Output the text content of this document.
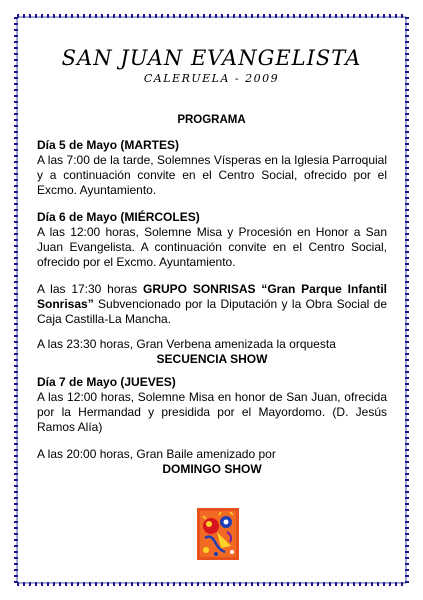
SAN JUAN EVANGELISTA
CALERUELA - 2009
PROGRAMA
Día 5 de Mayo (MARTES)
A las 7:00 de la tarde, Solemnes Vísperas en la Iglesia Parroquial y a continuación convite en el Centro Social, ofrecido por el Excmo. Ayuntamiento.
Día 6 de Mayo (MIÉRCOLES)
A las 12:00 horas, Solemne Misa y Procesión en Honor a San Juan Evangelista. A continuación convite en el Centro Social, ofrecido por el Excmo. Ayuntamiento.
A las 17:30 horas GRUPO SONRISAS “Gran Parque Infantil Sonrisas” Subvencionado por la Diputación y la Obra Social de Caja Castilla-La Mancha.
A las 23:30 horas, Gran Verbena amenizada la orquesta
SECUENCIA SHOW
Día 7 de Mayo (JUEVES)
A las 12:00 horas, Solemne Misa en honor de San Juan, ofrecida por la Hermandad y presidida por el Mayordomo. (D. Jesús Ramos Alía)
A las 20:00 horas, Gran Baile amenizado por
DOMINGO SHOW
